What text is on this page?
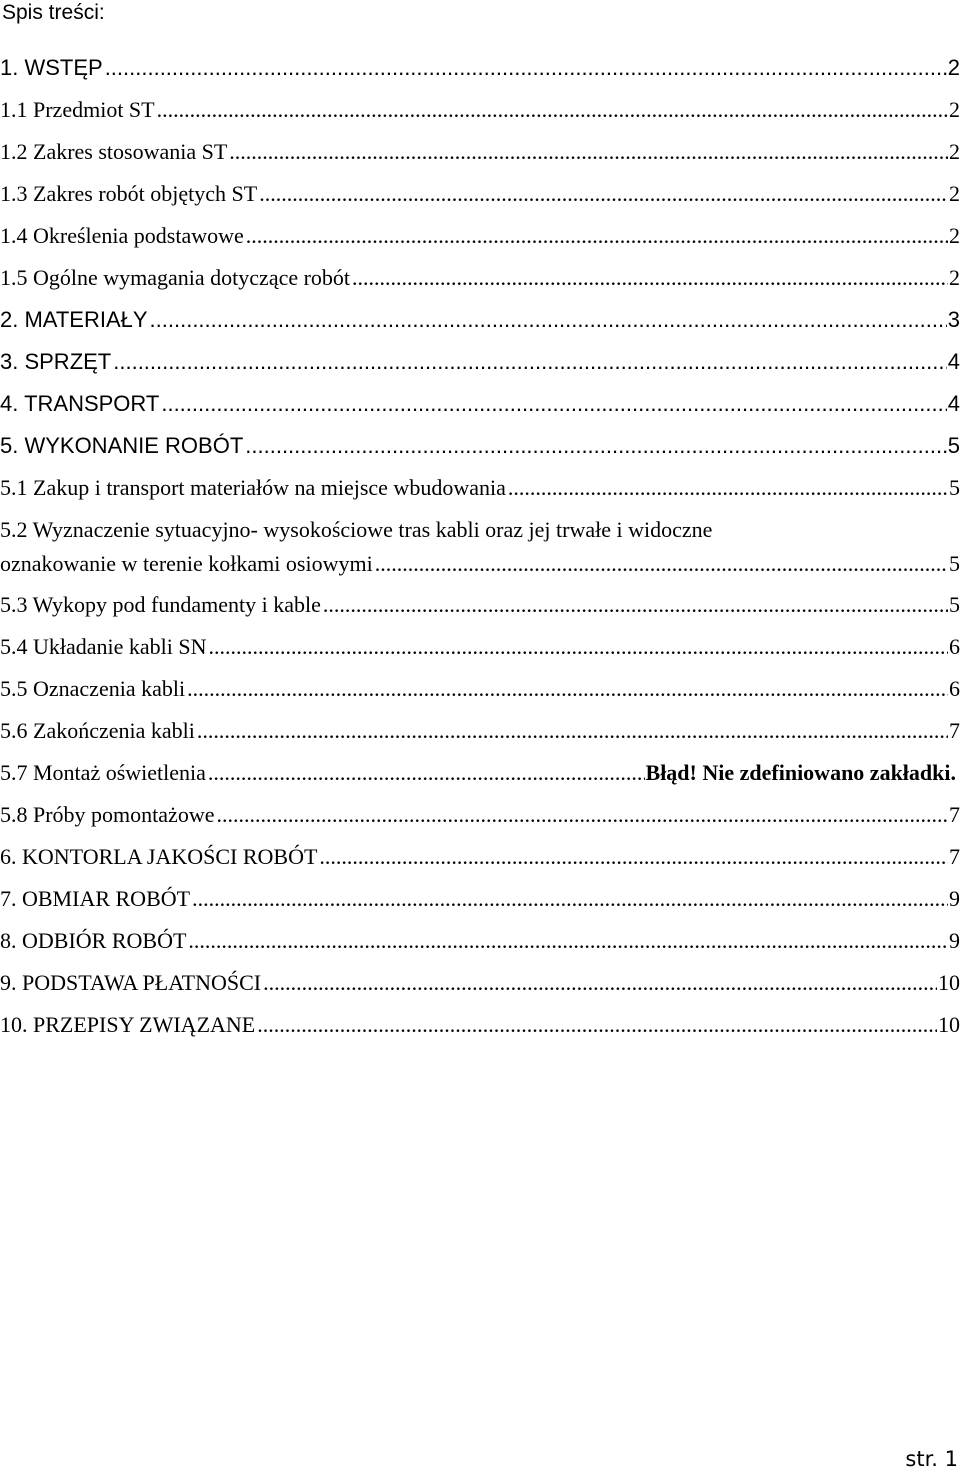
Spis treści:
1. WSTĘP .....	2
1.1 Przedmiot ST .....	2
1.2 Zakres stosowania ST .....	2
1.3 Zakres robót objętych ST .....	2
1.4 Określenia podstawowe .....	2
1.5 Ogólne wymagania dotyczące robót .....	2
2. MATERIAŁY .....	3
3. SPRZĘT .....	4
4. TRANSPORT .....	4
5. WYKONANIE ROBÓT .....	5
5.1 Zakup i transport materiałów na miejsce wbudowania .....	5
5.2 Wyznaczenie sytuacyjno- wysokościowe tras kabli oraz jej trwałe i widoczne
oznakowanie w terenie kołkami osiowymi .....	5
5.3 Wykopy pod fundamenty i kable .....	5
5.4 Układanie kabli SN .....	6
5.5 Oznaczenia kabli .....	6
5.6 Zakończenia kabli .....	7
5.7 Montaż oświetlenia .....	Błąd! Nie zdefiniowano zakładki.
5.8 Próby pomontażowe .....	7
6. KONTORLA JAKOŚCI ROBÓT .....	7
7. OBMIAR ROBÓT .....	9
8. ODBIÓR ROBÓT .....	9
9. PODSTAWA PŁATNOŚCI .....	10
10. PRZEPISY ZWIĄZANE .....	10
str. 1
